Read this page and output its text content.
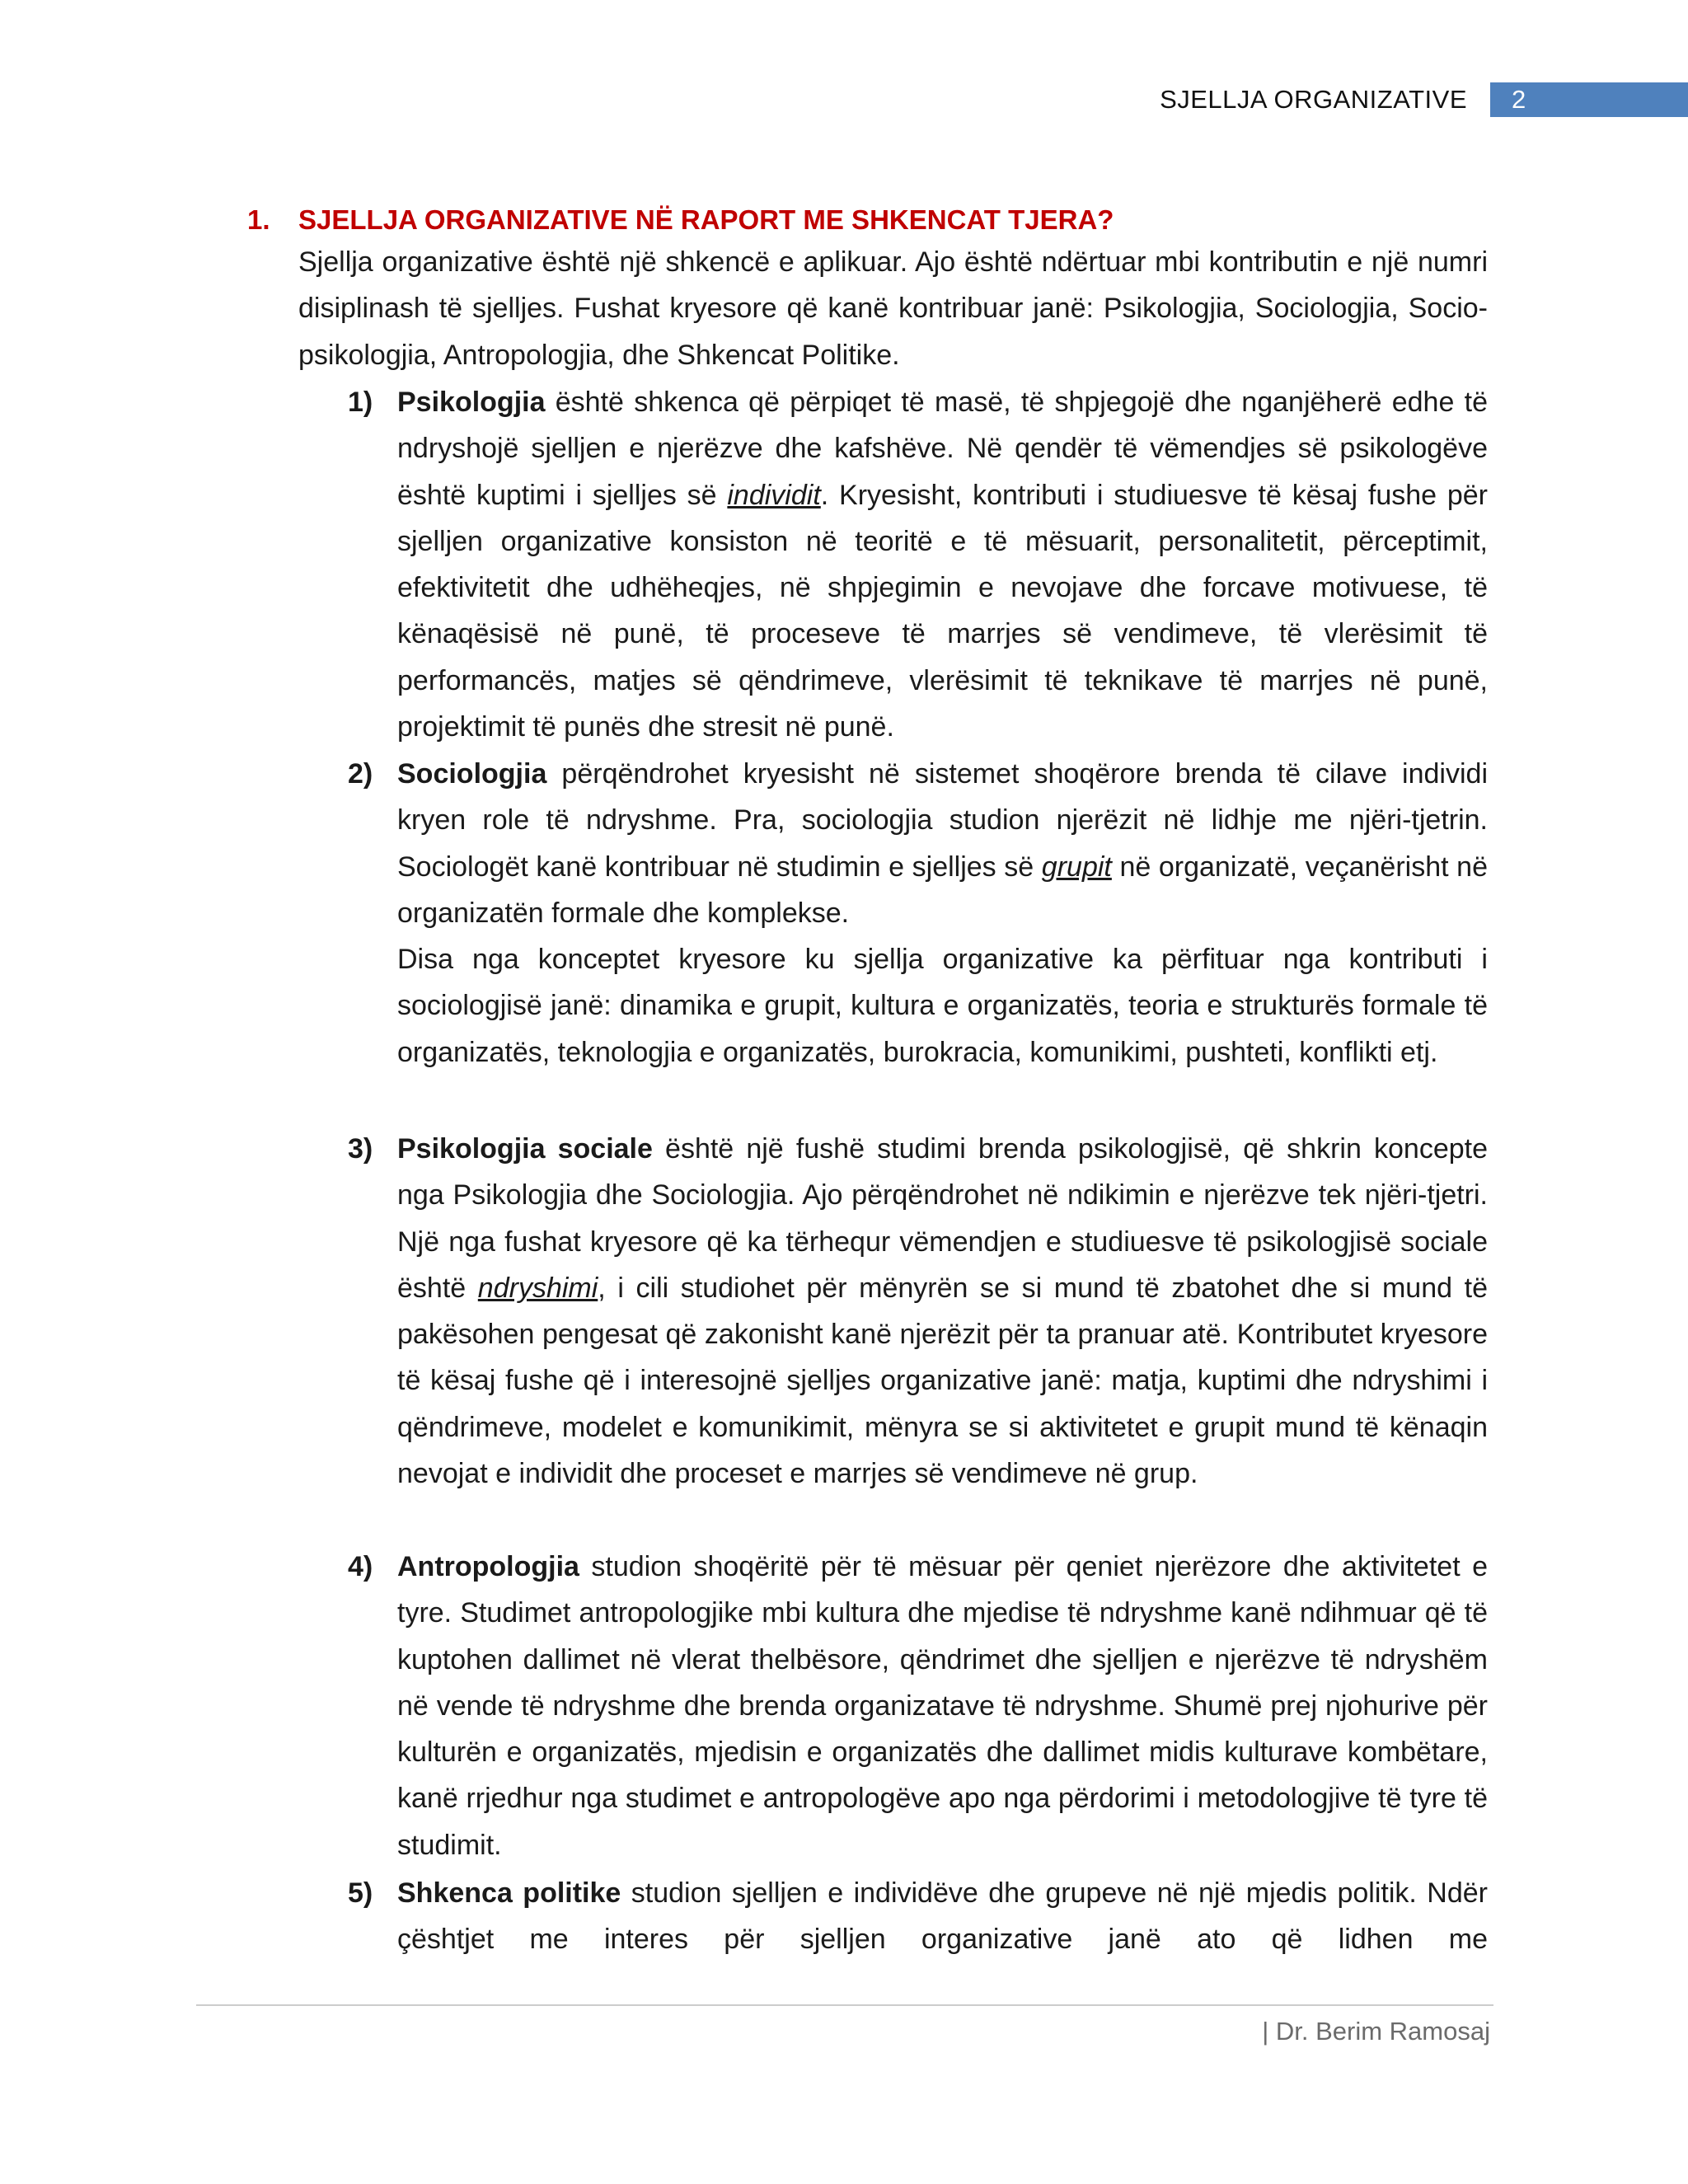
SJELLJA ORGANIZATIVE	2
1. SJELLJA ORGANIZATIVE NË RAPORT ME SHKENCAT TJERA?

Sjellja organizative është një shkencë e aplikuar. Ajo është ndërtuar mbi kontributin e një numri disiplinash të sjelljes. Fushat kryesore që kanë kontribuar janë: Psikologjia, Sociologjia, Socio-psikologjia, Antropologjia, dhe Shkencat Politike.

1) Psikologjia është shkenca që përpiqet të masë, të shpjegojë dhe nganjëherë edhe të ndryshojë sjelljen e njerëzve dhe kafshëve. Në qendër të vëmendjes së psikologëve është kuptimi i sjelljes së individit. Kryesisht, kontributi i studiuesve të kësaj fushe për sjelljen organizative konsiston në teoritë e të mësuarit, personalitetit, përceptimit, efektivitetit dhe udhëheqjes, në shpjegimin e nevojave dhe forcave motivuese, të kënaqësisë në punë, të proceseve të marrjes së vendimeve, të vlerësimit të performancës, matjes së qëndrimeve, vlerësimit të teknikave të marrjes në punë, projektimit të punës dhe stresit në punë.

2) Sociologjia përqëndrohet kryesisht në sistemet shoqërore brenda të cilave individi kryen role të ndryshme. Pra, sociologjia studion njerëzit në lidhje me njëri-tjetrin. Sociologët kanë kontribuar në studimin e sjelljes së grupit në organizatë, veçanërisht në organizatën formale dhe komplekse.

Disa nga konceptet kryesore ku sjellja organizative ka përfituar nga kontributi i sociologjisë janë: dinamika e grupit, kultura e organizatës, teoria e strukturës formale të organizatës, teknologjia e organizatës, burokracia, komunikimi, pushteti, konflikti etj.

3) Psikologjia sociale është një fushë studimi brenda psikologjisë, që shkrin koncepte nga Psikologjia dhe Sociologjia. Ajo përqëndrohet në ndikimin e njerëzve tek njëri-tjetri. Një nga fushat kryesore që ka tërhequr vëmendjen e studiuesve të psikologjisë sociale është ndryshimi, i cili studiohet për mënyrën se si mund të zbatohet dhe si mund të pakësohen pengesat që zakonisht kanë njerëzit për ta pranuar atë. Kontributet kryesore të kësaj fushe që i interesojnë sjelljes organizative janë: matja, kuptimi dhe ndryshimi i qëndrimeve, modelet e komunikimit, mënyra se si aktivitetet e grupit mund të kënaqin nevojat e individit dhe proceset e marrjes së vendimeve në grup.

4) Antropologjia studion shoqëritë për të mësuar për qeniet njerëzore dhe aktivitetet e tyre. Studimet antropologjike mbi kultura dhe mjedise të ndryshme kanë ndihmuar që të kuptohen dallimet në vlerat thelbësore, qëndrimet dhe sjelljen e njerëzve të ndryshëm në vende të ndryshme dhe brenda organizatave të ndryshme. Shumë prej njohurive për kulturën e organizatës, mjedisin e organizatës dhe dallimet midis kulturave kombëtare, kanë rrjedhur nga studimet e antropologëve apo nga përdorimi i metodologjive të tyre të studimit.

5) Shkenca politike studion sjelljen e individëve dhe grupeve në një mjedis politik. Ndër çështjet me interes për sjelljen organizative janë ato që lidhen me

| Dr. Berim Ramosaj
